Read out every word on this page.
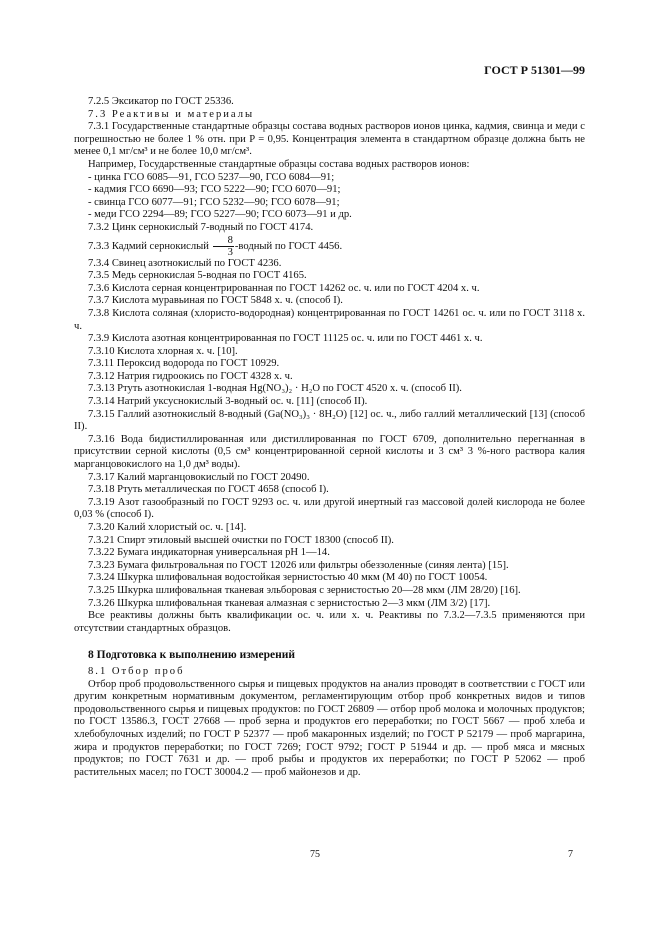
ГОСТ Р 51301—99

7.2.5 Эксикатор по ГОСТ 25336.

7.3 Реактивы и материалы

7.3.1 Государственные стандартные образцы состава водных растворов ионов цинка, кадмия, свинца и меди с погрешностью не более 1 % отн. при P = 0,95. Концентрация элемента в стандартном образце должна быть не менее 0,1 мг/см³ и не более 10,0 мг/см³.

Например, Государственные стандартные образцы состава водных растворов ионов:

- цинка ГСО 6085—91, ГСО 5237—90, ГСО 6084—91;

- кадмия ГСО 6690—93; ГСО 5222—90; ГСО 6070—91;

- свинца ГСО 6077—91; ГСО 5232—90; ГСО 6078—91;

- меди ГСО 2294—89; ГСО 5227—90; ГСО 6073—91 и др.

7.3.2 Цинк сернокислый 7-водный по ГОСТ 4174.

7.3.3 Кадмий сернокислый $\frac{8}{3}$ -водный по ГОСТ 4456.

7.3.4 Свинец азотнокислый по ГОСТ 4236.

7.3.5 Медь сернокислая 5-водная по ГОСТ 4165.

7.3.6 Кислота серная концентрированная по ГОСТ 14262 ос. ч. или по ГОСТ 4204 х. ч.

7.3.7 Кислота муравьиная по ГОСТ 5848 х. ч. (способ I).

7.3.8 Кислота соляная (хлористо-водородная) концентрированная по ГОСТ 14261 ос. ч. или по ГОСТ 3118 х. ч.

7.3.9 Кислота азотная концентрированная по ГОСТ 11125 ос. ч. или по ГОСТ 4461 х. ч.

7.3.10 Кислота хлорная х. ч. [10].

7.3.11 Пероксид водорода по ГОСТ 10929.

7.3.12 Натрия гидроокись по ГОСТ 4328 х. ч.

7.3.13 Ртуть азотнокислая 1-водная Hg(NO₃)₂ · H₂O по ГОСТ 4520 х. ч. (способ II).

7.3.14 Натрий уксуснокислый 3-водный ос. ч. [11] (способ II).

7.3.15 Галлий азотнокислый 8-водный (Ga(NO₃)₃ · 8H₂O) [12] ос. ч., либо галлий металлический [13] (способ II).

7.3.16 Вода бидистиллированная или дистиллированная по ГОСТ 6709, дополнительно перегнанная в присутствии серной кислоты (0,5 см³ концентрированной серной кислоты и 3 см³ 3 %-ного раствора калия марганцовокислого на 1,0 дм³ воды).

7.3.17 Калий марганцовокислый по ГОСТ 20490.

7.3.18 Ртуть металлическая по ГОСТ 4658 (способ I).

7.3.19 Азот газообразный по ГОСТ 9293 ос. ч. или другой инертный газ массовой долей кислорода не более 0,03 % (способ I).

7.3.20 Калий хлористый ос. ч. [14].

7.3.21 Спирт этиловый высшей очистки по ГОСТ 18300 (способ II).

7.3.22 Бумага индикаторная универсальная pH 1—14.

7.3.23 Бумага фильтровальная по ГОСТ 12026 или фильтры обеззоленные (синяя лента) [15].

7.3.24 Шкурка шлифовальная водостойкая зернистостью 40 мкм (М 40) по ГОСТ 10054.

7.3.25 Шкурка шлифовальная тканевая эльборовая с зернистостью 20—28 мкм (ЛМ 28/20) [16].

7.3.26 Шкурка шлифовальная тканевая алмазная с зернистостью 2—3 мкм (ЛМ 3/2) [17].

Все реактивы должны быть квалификации ос. ч. или х. ч. Реактивы по 7.3.2—7.3.5 применяются при отсутствии стандартных образцов.

8 Подготовка к выполнению измерений

8.1 Отбор проб

Отбор проб продовольственного сырья и пищевых продуктов на анализ проводят в соответствии с ГОСТ или другим конкретным нормативным документом, регламентирующим отбор проб конкретных видов и типов продовольственного сырья и пищевых продуктов: по ГОСТ 26809 — отбор проб молока и молочных продуктов; по ГОСТ 13586.3, ГОСТ 27668 — проб зерна и продуктов его переработки; по ГОСТ 5667 — проб хлеба и хлебобулочных изделий; по ГОСТ Р 52377 — проб макаронных изделий; по ГОСТ Р 52179 — проб маргарина, жира и продуктов переработки; по ГОСТ 7269; ГОСТ 9792; ГОСТ Р 51944 и др. — проб мяса и мясных продуктов; по ГОСТ 7631 и др. — проб рыбы и продуктов их переработки; по ГОСТ Р 52062 — проб растительных масел; по ГОСТ 30004.2 — проб майонезов и др.

75	7
